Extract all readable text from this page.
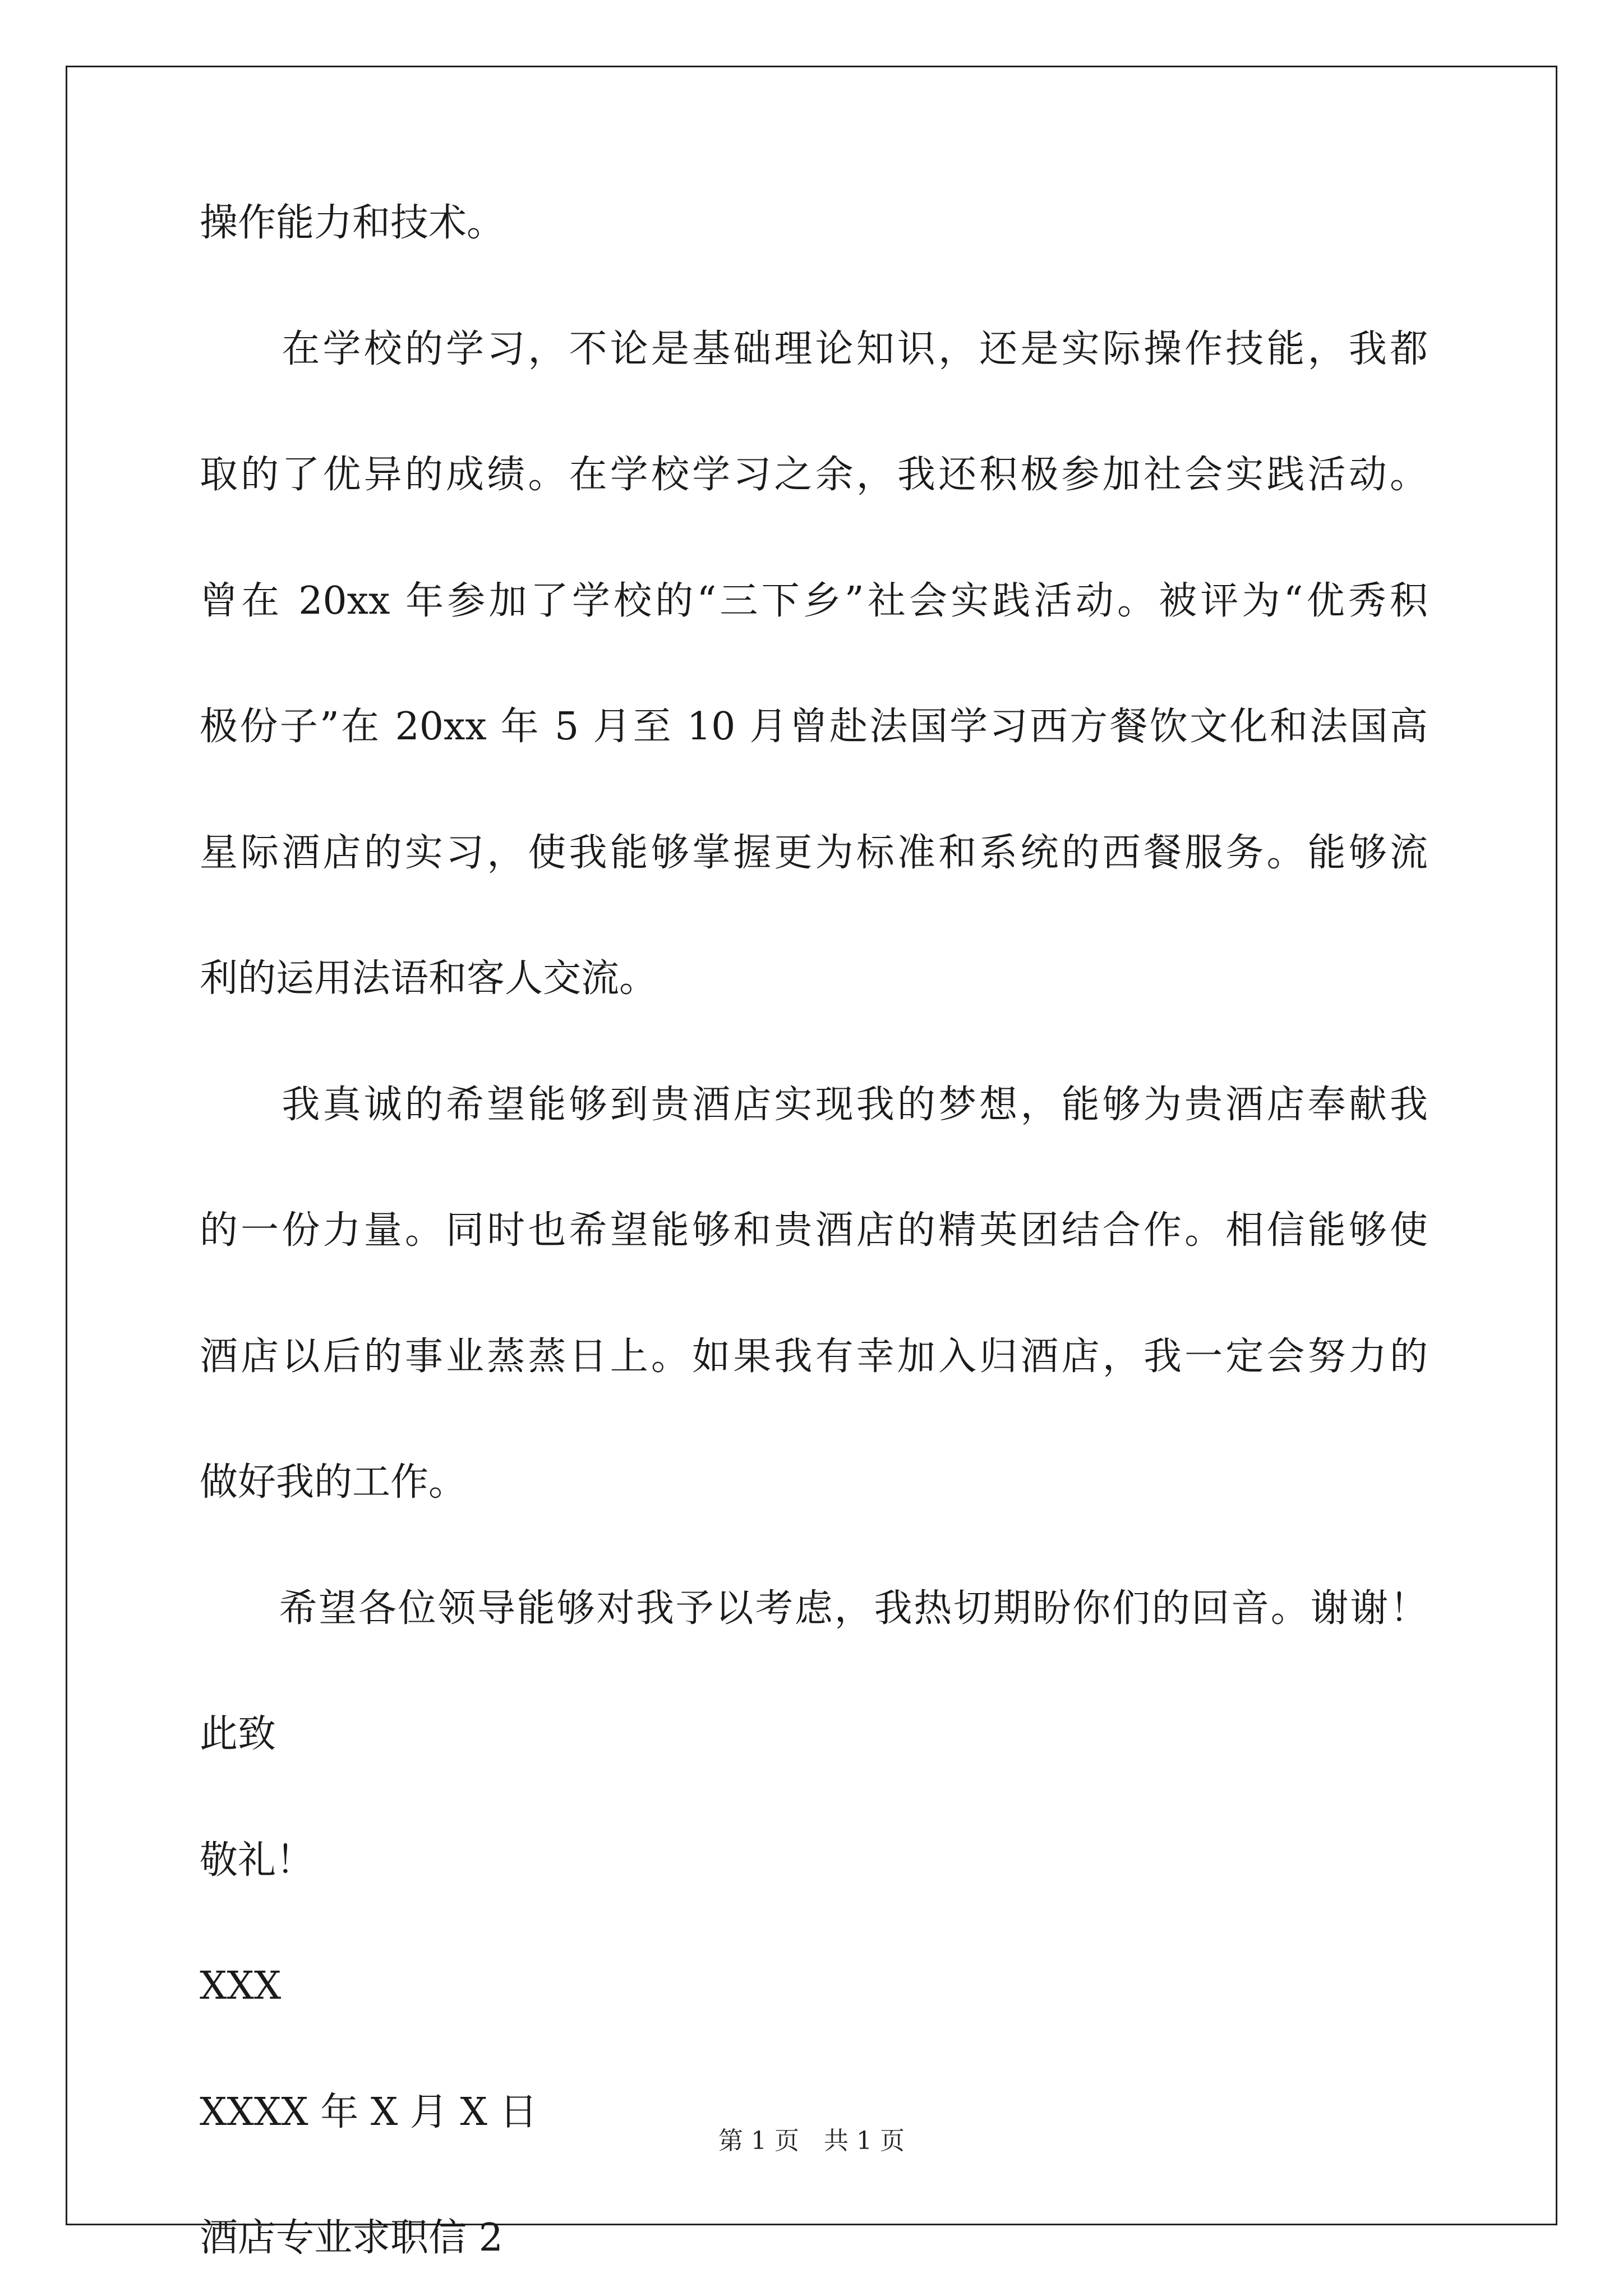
操作能力和技术。
　　在学校的学习，不论是基础理论知识，还是实际操作技能，我都
取的了优异的成绩。在学校学习之余，我还积极参加社会实践活动。
曾在 20xx 年参加了学校的“三下乡”社会实践活动。被评为“优秀积
极份子”在 20xx 年 5 月至 10 月曾赴法国学习西方餐饮文化和法国高
星际酒店的实习，使我能够掌握更为标准和系统的西餐服务。能够流
利的运用法语和客人交流。
　　我真诚的希望能够到贵酒店实现我的梦想，能够为贵酒店奉献我
的一份力量。同时也希望能够和贵酒店的精英团结合作。相信能够使
酒店以后的事业蒸蒸日上。如果我有幸加入归酒店，我一定会努力的
做好我的工作。
　　希望各位领导能够对我予以考虑，我热切期盼你们的回音。谢谢！
此致
敬礼！
XXX
XXXX 年 X 月 X 日
酒店专业求职信 2
第 1 页　共 1 页
